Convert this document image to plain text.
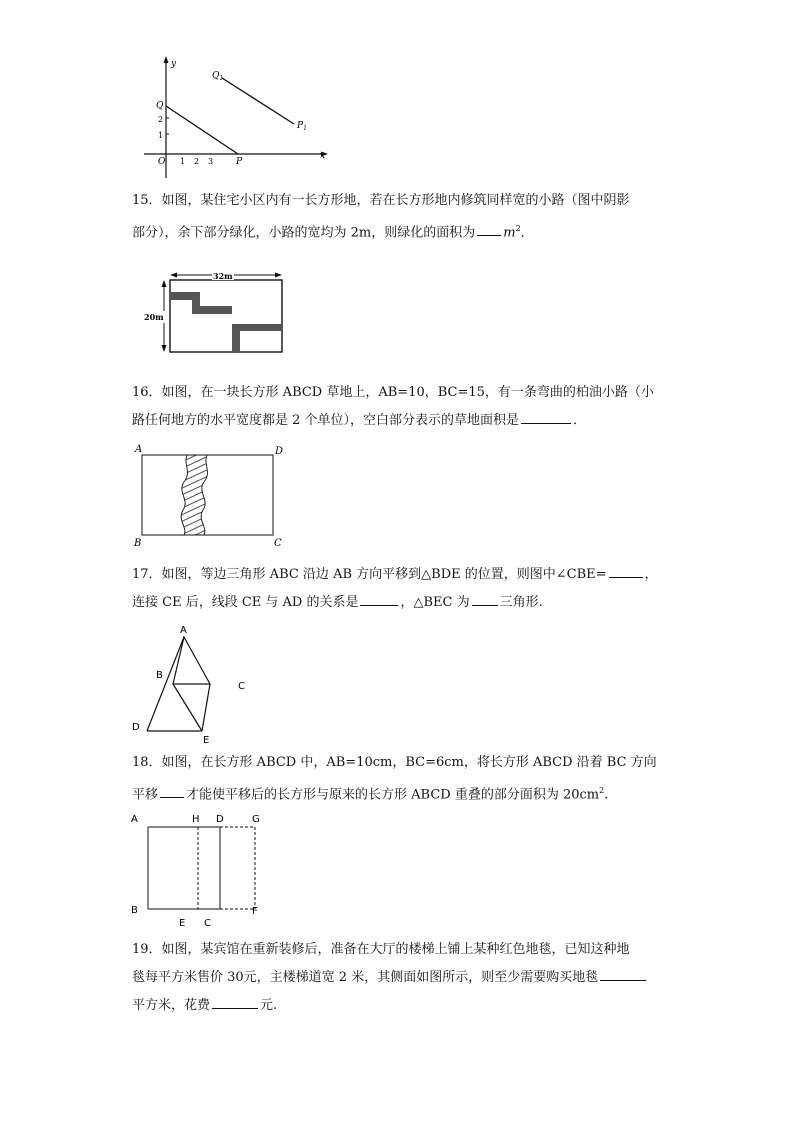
y
x
O
Q
2
1
1 2 3	P
$Q_1$
$P_1$
15．如图，某住宅小区内有一长方形地，若在长方形地内修筑同样宽的小路（图中阴影
部分），余下部分绿化，小路的宽均为 2m，则绿化的面积为 $m^2$．
32m
20m
16．如图，在一块长方形 ABCD 草地上，AB=10，BC=15，有一条弯曲的柏油小路（小
路任何地方的水平宽度都是 2 个单位），空白部分表示的草地面积是	．
A	D
B	C
17．如图，等边三角形 ABC 沿边 AB 方向平移到△BDE 的位置，则图中∠CBE=	，
连接 CE 后，线段 CE 与 AD 的关系是	，△BEC 为 三角形.
A
B
C
D
E
18．如图，在长方形 ABCD 中，AB=10cm，BC=6cm，将长方形 ABCD 沿着 BC 方向
平移 才能使平移后的长方形与原来的长方形 ABCD 重叠的部分面积为 $20cm^2$.
A	H D	G
B
E C
F
19．如图，某宾馆在重新装修后，准备在大厅的楼梯上铺上某种红色地毯，已知这种地
毯每平方米售价 30元，主楼梯道宽 2 米，其侧面如图所示，则至少需要购买地毯
平方米，花费	元.
